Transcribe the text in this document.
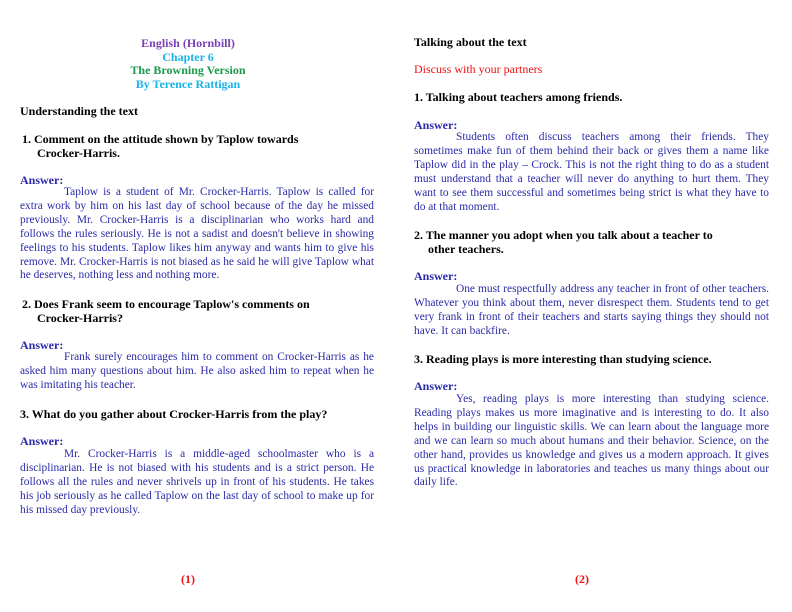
English (Hornbill)
Chapter 6
The Browning Version
By Terence Rattigan
Understanding the text
1. Comment on the attitude shown by Taplow towards
Crocker-Harris.
Answer:

Taplow is a student of Mr. Crocker-Harris. Taplow is called for extra work by him on his last day of school because of the day he missed previously. Mr. Crocker-Harris is a disciplinarian who works hard and follows the rules seriously. He is not a sadist and doesn't believe in showing feelings to his students. Taplow likes him anyway and wants him to give his remove. Mr. Crocker-Harris is not biased as he said he will give Taplow what he deserves, nothing less and nothing more.

2. Does Frank seem to encourage Taplow's comments on
Crocker-Harris?
Answer:

Frank surely encourages him to comment on Crocker-Harris as he asked him many questions about him. He also asked him to repeat when he was imitating his teacher.

3. What do you gather about Crocker-Harris from the play?
Answer:

Mr. Crocker-Harris is a middle-aged schoolmaster who is a disciplinarian. He is not biased with his students and is a strict person. He follows all the rules and never shrivels up in front of his students. He takes his job seriously as he called Taplow on the last day of school to make up for his missed day previously.

(1)
Talking about the text
Discuss with your partners
1. Talking about teachers among friends.
Answer:

Students often discuss teachers among their friends. They sometimes make fun of them behind their back or gives them a name like Taplow did in the play – Crock. This is not the right thing to do as a student must understand that a teacher will never do anything to hurt them. They want to see them successful and sometimes being strict is what they have to do at that moment.

2. The manner you adopt when you talk about a teacher to
other teachers.
Answer:

One must respectfully address any teacher in front of other teachers. Whatever you think about them, never disrespect them. Students tend to get very frank in front of their teachers and starts saying things they should not have. It can backfire.

3. Reading plays is more interesting than studying science.
Answer:

Yes, reading plays is more interesting than studying science. Reading plays makes us more imaginative and is interesting to do. It also helps in building our linguistic skills. We can learn about the language more and we can learn so much about humans and their behavior. Science, on the other hand, provides us knowledge and gives us a modern approach. It gives us practical knowledge in laboratories and teaches us many things about our daily life.

(2)
